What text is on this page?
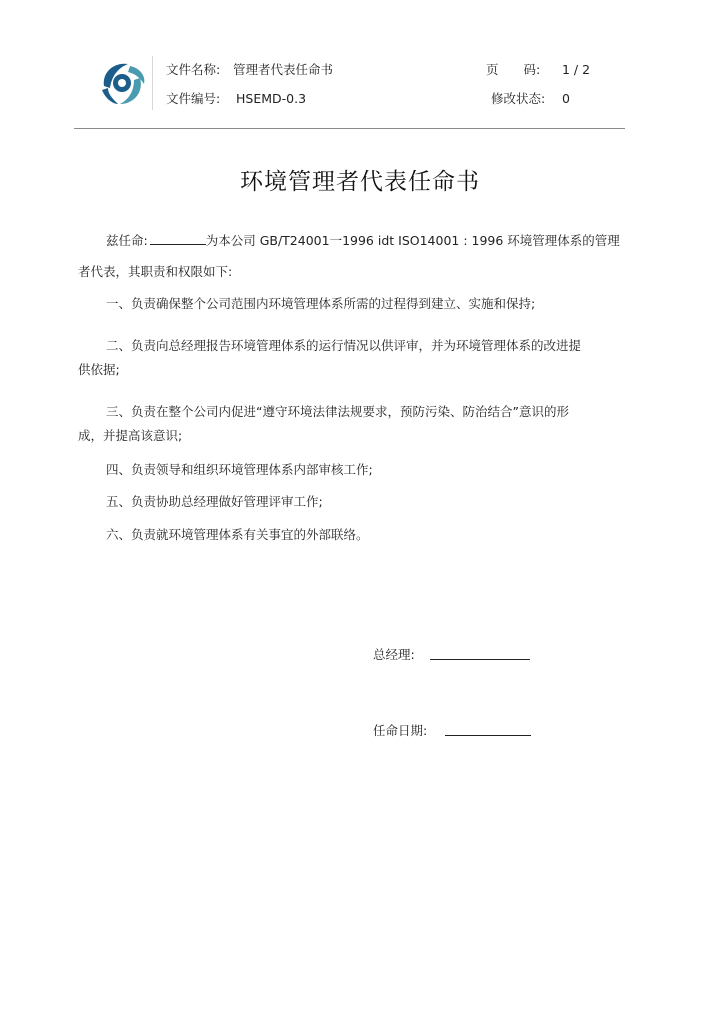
文件名称: 管理者代表任命书	页　　码: 1 / 2
文件编号: HSEMD-0.3	修改状态: 0
环境管理者代表任命书
兹任命:	为本公司 GB/T24001一1996 idt ISO14001 : 1996 环境管理体系的管理
者代表，其职责和权限如下:
一、负责确保整个公司范围内环境管理体系所需的过程得到建立、实施和保持;
二、负责向总经理报告环境管理体系的运行情况以供评审，并为环境管理体系的改进提
供依据;
三、负责在整个公司内促进“遵守环境法律法规要求，预防污染、防治结合”意识的形
成，并提高该意识;
四、负责领导和组织环境管理体系内部审核工作;
五、负责协助总经理做好管理评审工作;
六、负责就环境管理体系有关事宜的外部联络。
总经理:
任命日期:
